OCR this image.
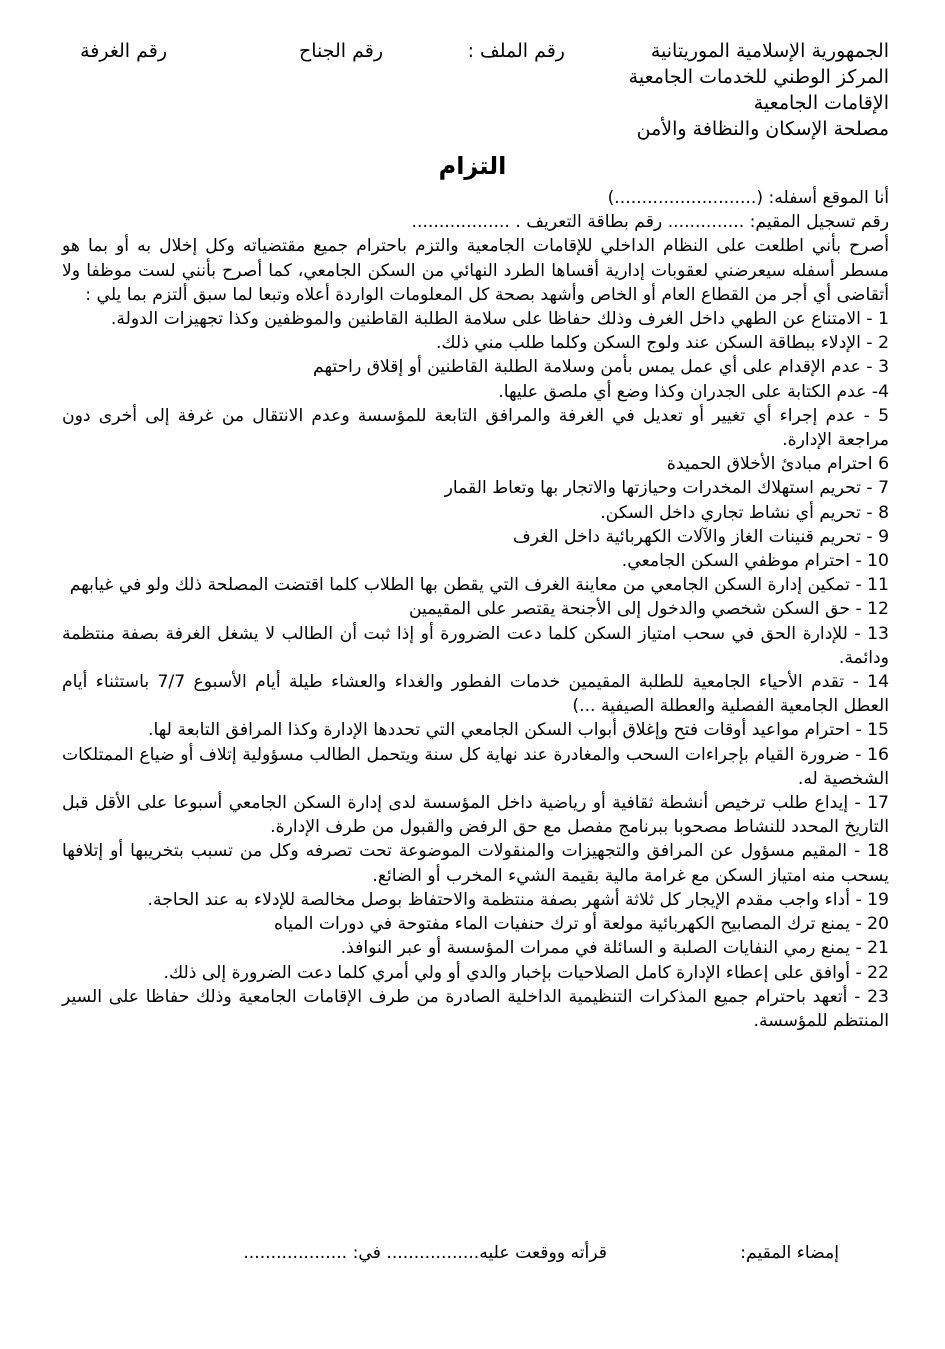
الجمهورية الإسلامية الموريتانية
المركز الوطني للخدمات الجامعية
الإقامات الجامعية
مصلحة الإسكان والنظافة والأمن
رقم الملف :
رقم الجناح
رقم الغرفة
التزام

أنا الموقع أسفله: (..........................)

رقم تسجيل المقيم: .............. رقم بطاقة التعريف . ..................

أصرح بأني اطلعت على النظام الداخلي للإقامات الجامعية والتزم باحترام جميع مقتضياته وكل إخلال به أو بما هو مسطر أسفله سيعرضني لعقوبات إدارية أقساها الطرد النهائي من السكن الجامعي، كما أصرح بأنني لست موظفا ولا أتقاضى أي أجر من القطاع العام أو الخاص وأشهد بصحة كل المعلومات الواردة أعلاه وتبعا لما سبق ألتزم بما يلي :

1 - الامتناع عن الطهي داخل الغرف وذلك حفاظا على سلامة الطلبة القاطنين والموظفين وكذا تجهيزات الدولة.

2 - الإدلاء ببطاقة السكن عند ولوج السكن وكلما طلب مني ذلك.

3 - عدم الإقدام على أي عمل يمس بأمن وسلامة الطلبة القاطنين أو إقلاق راحتهم

4- عدم الكتابة على الجدران وكذا وضع أي ملصق عليها.

5 - عدم إجراء أي تغيير أو تعديل في الغرفة والمرافق التابعة للمؤسسة وعدم الانتقال من غرفة إلى أخرى دون مراجعة الإدارة.

6 احترام مبادئ الأخلاق الحميدة

7 - تحريم استهلاك المخدرات وحيازتها والاتجار بها وتعاط القمار

8 - تحريم أي نشاط تجاري داخل السكن.

9 - تحريم قنينات الغاز والآلات الكهربائية داخل الغرف

10 - احترام موظفي السكن الجامعي.

11 - تمكين إدارة السكن الجامعي من معاينة الغرف التي يقطن بها الطلاب كلما اقتضت المصلحة ذلك ولو في غيابهم

12 - حق السكن شخصي والدخول إلى الأجنحة يقتصر على المقيمين

13 - للإدارة الحق في سحب امتياز السكن كلما دعت الضرورة أو إذا ثبت أن الطالب لا يشغل الغرفة بصفة منتظمة ودائمة.

14 - تقدم الأحياء الجامعية للطلبة المقيمين خدمات الفطور والغداء والعشاء طيلة أيام الأسبوع 7/7 باستثناء أيام العطل الجامعية الفصلية والعطلة الصيفية ...)

15 - احترام مواعيد أوقات فتح وإغلاق أبواب السكن الجامعي التي تحددها الإدارة وكذا المرافق التابعة لها.

16 - ضرورة القيام بإجراءات السحب والمغادرة عند نهاية كل سنة ويتحمل الطالب مسؤولية إتلاف أو ضياع الممتلكات الشخصية له.

17 - إيداع طلب ترخيص أنشطة ثقافية أو رياضية داخل المؤسسة لدى إدارة السكن الجامعي أسبوعا على الأقل قبل التاريخ المحدد للنشاط مصحوبا ببرنامج مفصل مع حق الرفض والقبول من طرف الإدارة.

18 - المقيم مسؤول عن المرافق والتجهيزات والمنقولات الموضوعة تحت تصرفه وكل من تسبب بتخريبها أو إتلافها يسحب منه امتياز السكن مع غرامة مالية بقيمة الشيء المخرب أو الضائع.

19 - أداء واجب مقدم الإيجار كل ثلاثة أشهر بصفة منتظمة والاحتفاظ بوصل مخالصة للإدلاء به عند الحاجة.

20 - يمنع ترك المصابيح الكهربائية مولعة أو ترك حنفيات الماء مفتوحة في دورات المياه

21 - يمنع رمي النفايات الصلبة و السائلة في ممرات المؤسسة أو عبر النوافذ.

22 - أوافق على إعطاء الإدارة كامل الصلاحيات بإخبار والدي أو ولي أمري كلما دعت الضرورة إلى ذلك.

23 - أتعهد باحترام جميع المذكرات التنظيمية الداخلية الصادرة من طرف الإقامات الجامعية وذلك حفاظا على السير المنتظم للمؤسسة.

إمضاء المقيم:
قرأته ووقعت عليه................. في: ...................
